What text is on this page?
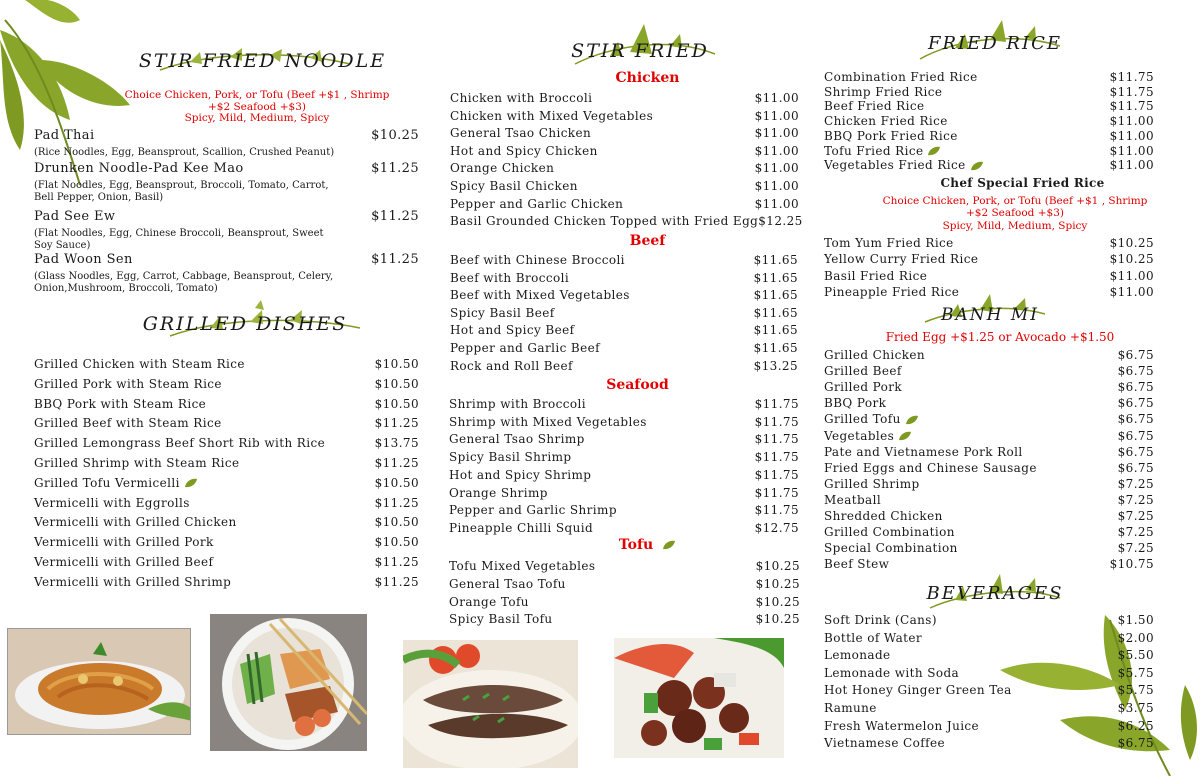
STIR FRIED NOODLE
Choice Chicken, Pork, or Tofu (Beef +$1 , Shrimp +$2 Seafood +$3)
Spicy, Mild, Medium, Spicy
Pad Thai	$10.25
(Rice Noodles, Egg, Beansprout, Scallion, Crushed Peanut)
Drunken Noodle-Pad Kee Mao	$11.25
(Flat Noodles, Egg, Beansprout, Broccoli, Tomato, Carrot, Bell Pepper, Onion, Basil)
Pad See Ew	$11.25
(Flat Noodles, Egg, Chinese Broccoli, Beansprout, Sweet Soy Sauce)
Pad Woon Sen	$11.25
(Glass Noodles, Egg, Carrot, Cabbage, Beansprout, Celery, Onion,Mushroom, Broccoli, Tomato)
GRILLED DISHES
Grilled Chicken with Steam Rice	$10.50
Grilled Pork with Steam Rice	$10.50
BBQ Pork with Steam Rice	$10.50
Grilled Beef with Steam Rice	$11.25
Grilled Lemongrass Beef Short Rib with Rice	$13.75
Grilled Shrimp with Steam Rice	$11.25
Grilled Tofu Vermicelli	$10.50
Vermicelli with Eggrolls	$11.25
Vermicelli with Grilled Chicken	$10.50
Vermicelli with Grilled Pork	$10.50
Vermicelli with Grilled Beef	$11.25
Vermicelli with Grilled Shrimp	$11.25
STIR FRIED
Chicken
Chicken with Broccoli	$11.00
Chicken with Mixed Vegetables	$11.00
General Tsao Chicken	$11.00
Hot and Spicy Chicken	$11.00
Orange Chicken	$11.00
Spicy Basil Chicken	$11.00
Pepper and Garlic Chicken	$11.00
Basil Grounded Chicken Topped with Fried Egg $12.25
Beef
Beef with Chinese Broccoli	$11.65
Beef with Broccoli	$11.65
Beef with Mixed Vegetables	$11.65
Spicy Basil Beef	$11.65
Hot and Spicy Beef	$11.65
Pepper and Garlic Beef	$11.65
Rock and Roll Beef	$13.25
Seafood
Shrimp with Broccoli	$11.75
Shrimp with Mixed Vegetables	$11.75
General Tsao Shrimp	$11.75
Spicy Basil Shrimp	$11.75
Hot and Spicy Shrimp	$11.75
Orange Shrimp	$11.75
Pepper and Garlic Shrimp	$11.75
Pineapple Chilli Squid	$12.75
Tofu
Tofu Mixed Vegetables	$10.25
General Tsao Tofu	$10.25
Orange Tofu	$10.25
Spicy Basil Tofu	$10.25
FRIED RICE
Combination Fried Rice	$11.75
Shrimp Fried Rice	$11.75
Beef Fried Rice	$11.75
Chicken Fried Rice	$11.00
BBQ Pork Fried Rice	$11.00
Tofu Fried Rice	$11.00
Vegetables Fried Rice	$11.00
Chef Special Fried Rice
Choice Chicken, Pork, or Tofu (Beef +$1 , Shrimp +$2 Seafood +$3)
Spicy, Mild, Medium, Spicy
Tom Yum Fried Rice	$10.25
Yellow Curry Fried Rice	$10.25
Basil Fried Rice	$11.00
Pineapple Fried Rice	$11.00
BANH MI
Fried Egg +$1.25 or Avocado +$1.50
Grilled Chicken	$6.75
Grilled Beef	$6.75
Grilled Pork	$6.75
BBQ Pork	$6.75
Grilled Tofu	$6.75
Vegetables	$6.75
Pate and Vietnamese Pork Roll	$6.75
Fried Eggs and Chinese Sausage	$6.75
Grilled Shrimp	$7.25
Meatball	$7.25
Shredded Chicken	$7.25
Grilled Combination	$7.25
Special Combination	$7.25
Beef Stew	$10.75
BEVERAGES
Soft Drink (Cans)	$1.50
Bottle of Water	$2.00
Lemonade	$5.50
Lemonade with Soda	$5.75
Hot Honey Ginger Green Tea	$5.75
Ramune	$3.75
Fresh Watermelon Juice	$6.25
Vietnamese Coffee	$6.75
